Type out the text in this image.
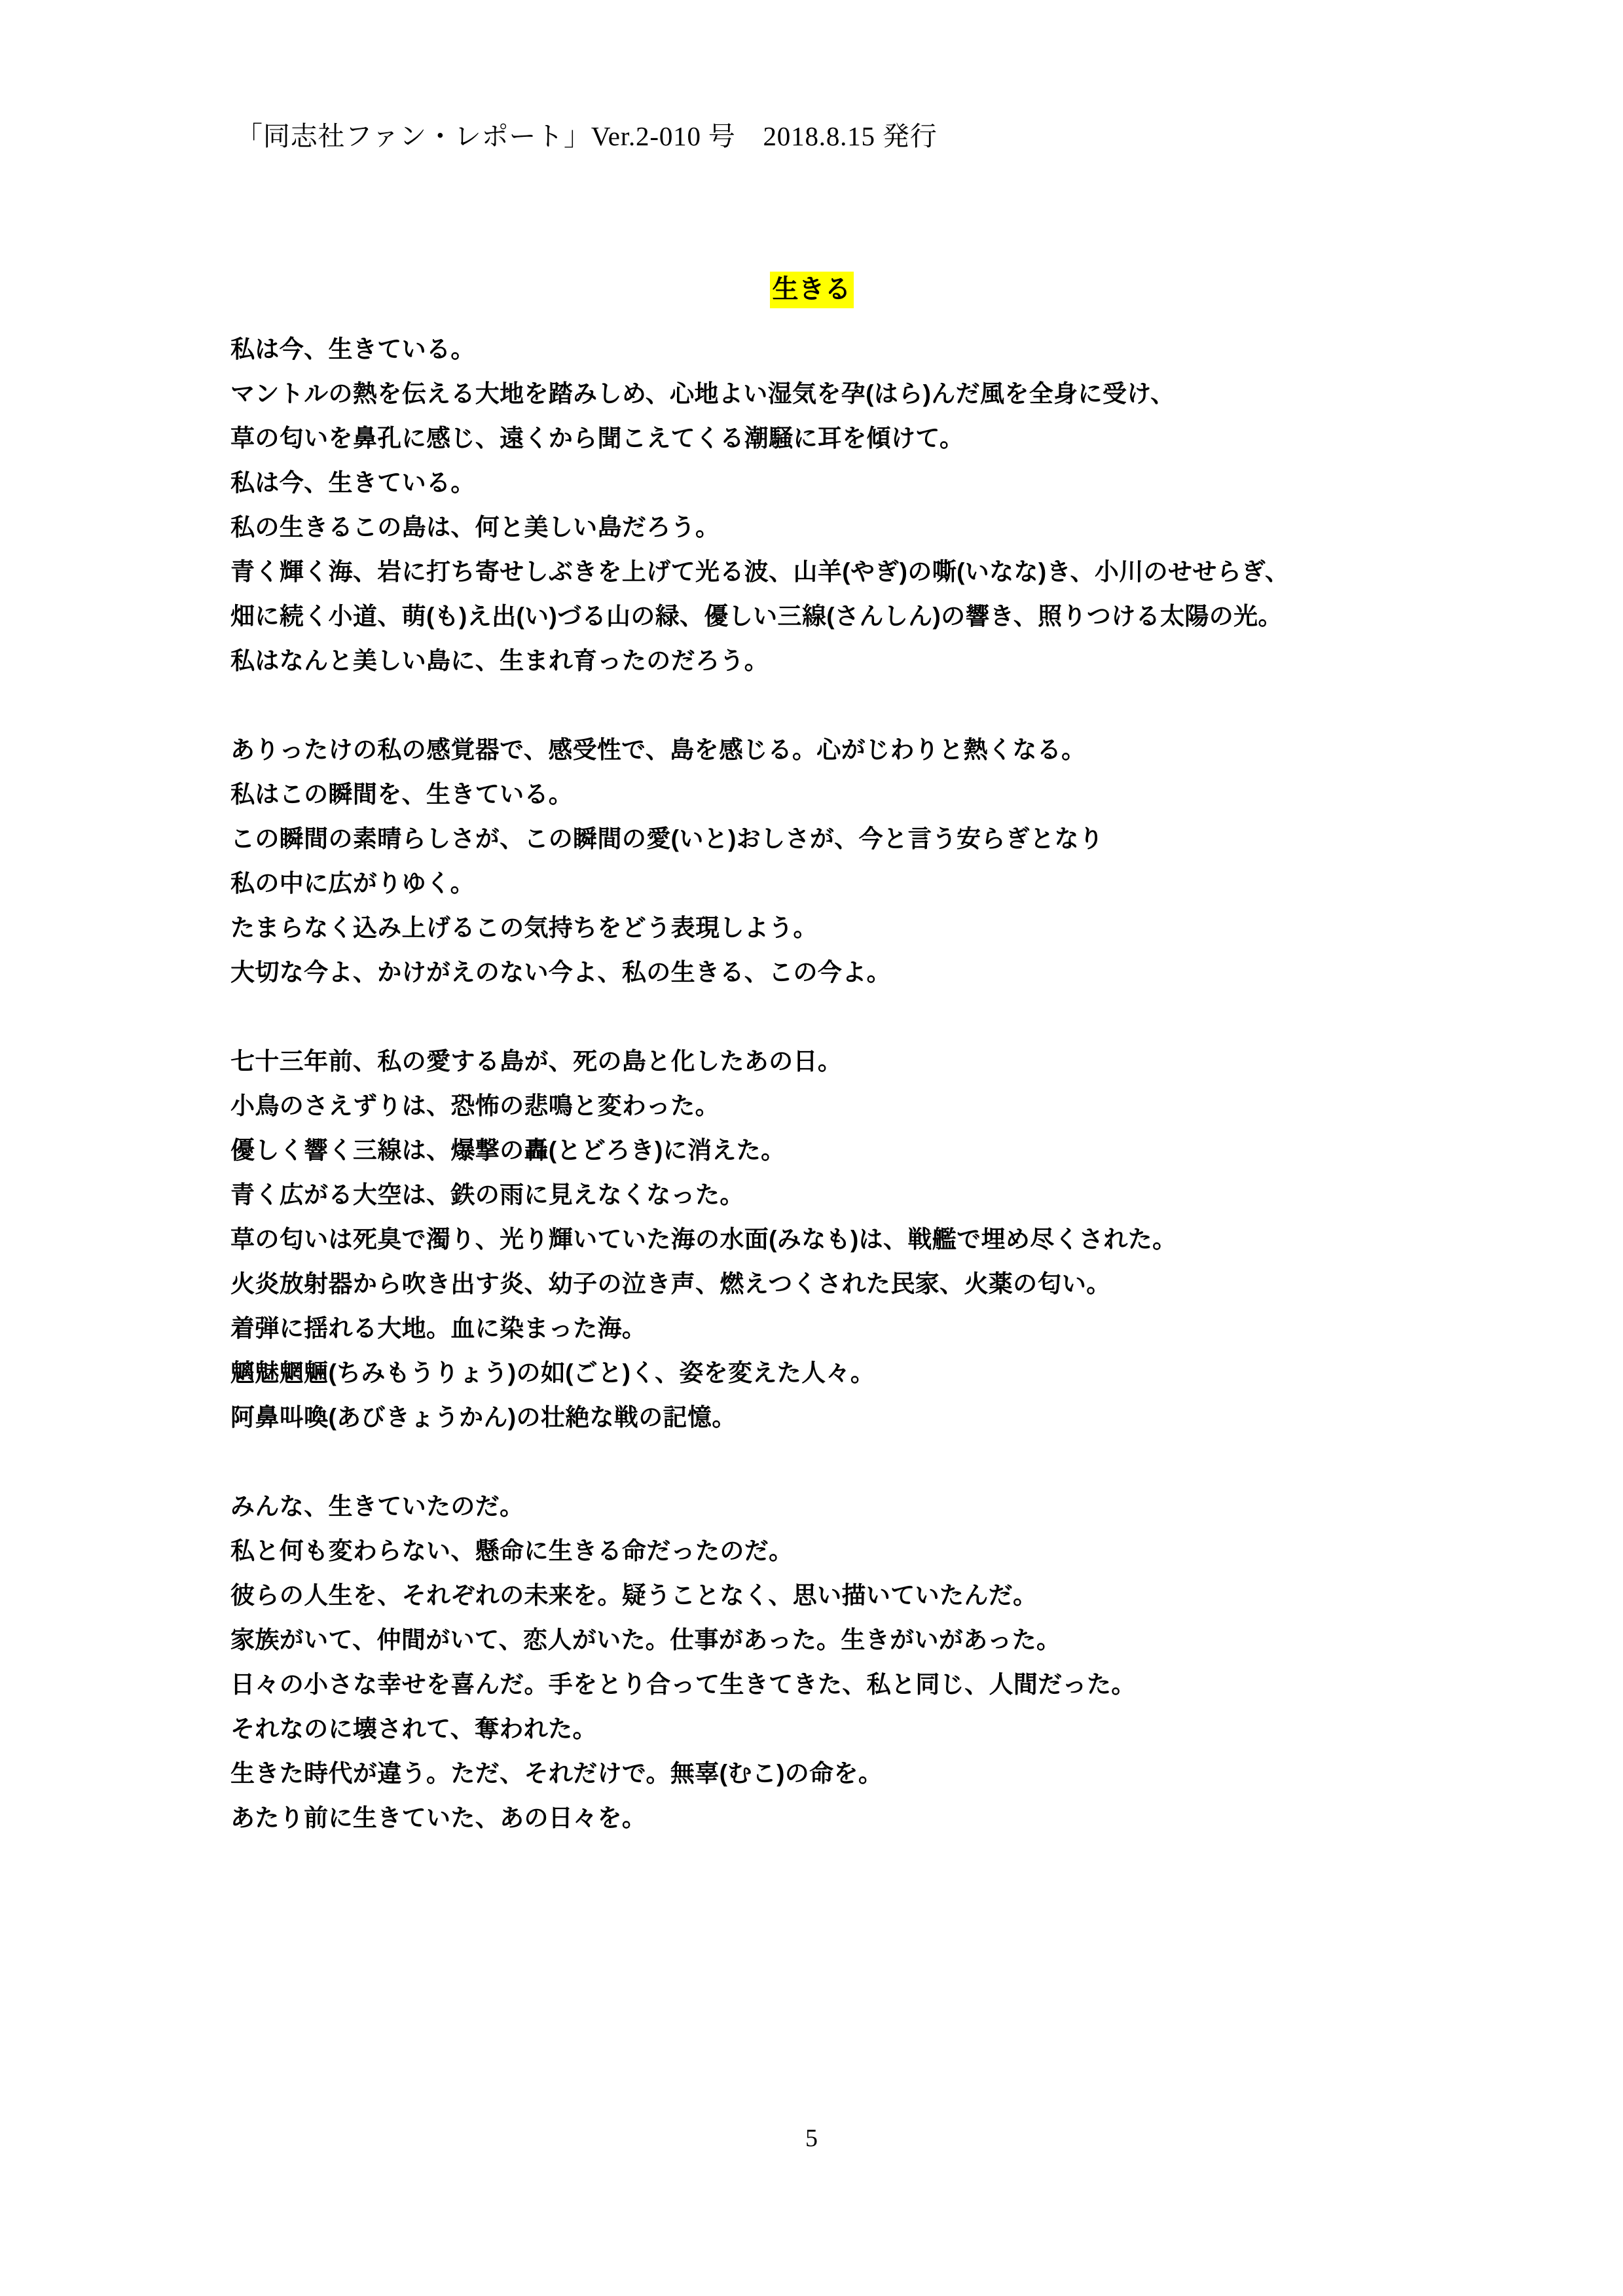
「同志社ファン・レポート」Ver.2-010 号　2018.8.15 発行
生きる
私は今、生きている。
マントルの熱を伝える大地を踏みしめ、心地よい湿気を孕(はら)んだ風を全身に受け、
草の匂いを鼻孔に感じ、遠くから聞こえてくる潮騒に耳を傾けて。
私は今、生きている。
私の生きるこの島は、何と美しい島だろう。
青く輝く海、岩に打ち寄せしぶきを上げて光る波、山羊(やぎ)の嘶(いなな)き、小川のせせらぎ、
畑に続く小道、萌(も)え出(い)づる山の緑、優しい三線(さんしん)の響き、照りつける太陽の光。
私はなんと美しい島に、生まれ育ったのだろう。
ありったけの私の感覚器で、感受性で、島を感じる。心がじわりと熱くなる。
私はこの瞬間を、生きている。
この瞬間の素晴らしさが、この瞬間の愛(いと)おしさが、今と言う安らぎとなり
私の中に広がりゆく。
たまらなく込み上げるこの気持ちをどう表現しよう。
大切な今よ、かけがえのない今よ、私の生きる、この今よ。
七十三年前、私の愛する島が、死の島と化したあの日。
小鳥のさえずりは、恐怖の悲鳴と変わった。
優しく響く三線は、爆撃の轟(とどろき)に消えた。
青く広がる大空は、鉄の雨に見えなくなった。
草の匂いは死臭で濁り、光り輝いていた海の水面(みなも)は、戦艦で埋め尽くされた。
火炎放射器から吹き出す炎、幼子の泣き声、燃えつくされた民家、火薬の匂い。
着弾に揺れる大地。血に染まった海。
魑魅魍魎(ちみもうりょう)の如(ごと)く、姿を変えた人々。
阿鼻叫喚(あびきょうかん)の壮絶な戦の記憶。
みんな、生きていたのだ。
私と何も変わらない、懸命に生きる命だったのだ。
彼らの人生を、それぞれの未来を。疑うことなく、思い描いていたんだ。
家族がいて、仲間がいて、恋人がいた。仕事があった。生きがいがあった。
日々の小さな幸せを喜んだ。手をとり合って生きてきた、私と同じ、人間だった。
それなのに壊されて、奪われた。
生きた時代が違う。ただ、それだけで。無辜(むこ)の命を。
あたり前に生きていた、あの日々を。
5
